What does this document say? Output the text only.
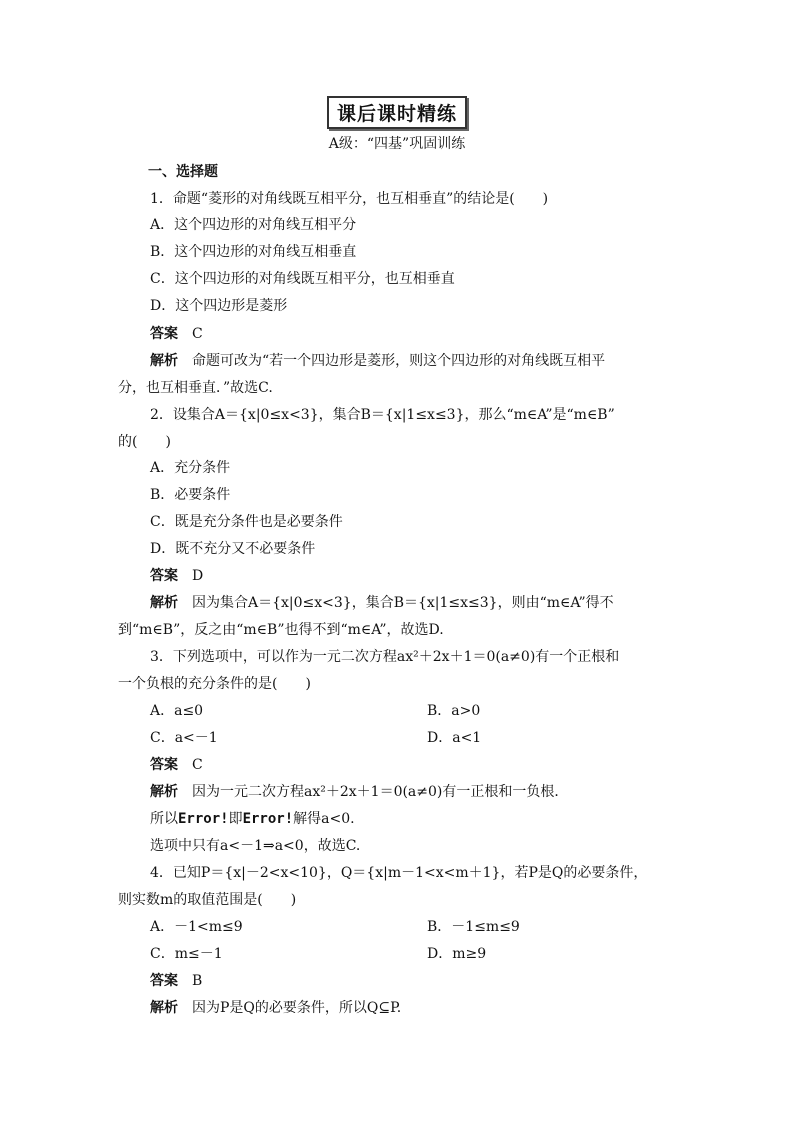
课后课时精练
A级：“四基”巩固训练
一、选择题
1．命题“菱形的对角线既互相平分，也互相垂直”的结论是(　　)
A．这个四边形的对角线互相平分
B．这个四边形的对角线互相垂直
C．这个四边形的对角线既互相平分，也互相垂直
D．这个四边形是菱形
答案 C
解析 命题可改为“若一个四边形是菱形，则这个四边形的对角线既互相平
分，也互相垂直．”故选C.
2．设集合A＝{x|0≤x<3}，集合B＝{x|1≤x≤3}，那么“m∈A”是“m∈B”
的(　　)
A．充分条件
B．必要条件
C．既是充分条件也是必要条件
D．既不充分又不必要条件
答案 D
解析 因为集合A＝{x|0≤x<3}，集合B＝{x|1≤x≤3}，则由“m∈A”得不
到“m∈B”，反之由“m∈B”也得不到“m∈A”，故选D.
3．下列选项中，可以作为一元二次方程ax²＋2x＋1＝0(a≠0)有一个正根和
一个负根的充分条件的是(　　)
A．a≤0	B．a>0
C．a<－1	D．a<1
答案 C
解析 因为一元二次方程ax²＋2x＋1＝0(a≠0)有一正根和一负根．
所以Error!即Error!解得a<0.
选项中只有a<－1⇒a<0，故选C.
4．已知P＝{x|－2<x<10}，Q＝{x|m－1<x<m＋1}，若P是Q的必要条件，
则实数m的取值范围是(　　)
A．－1<m≤9	B．－1≤m≤9
C．m≤－1	D．m≥9
答案 B
解析 因为P是Q的必要条件，所以Q⊆P.
